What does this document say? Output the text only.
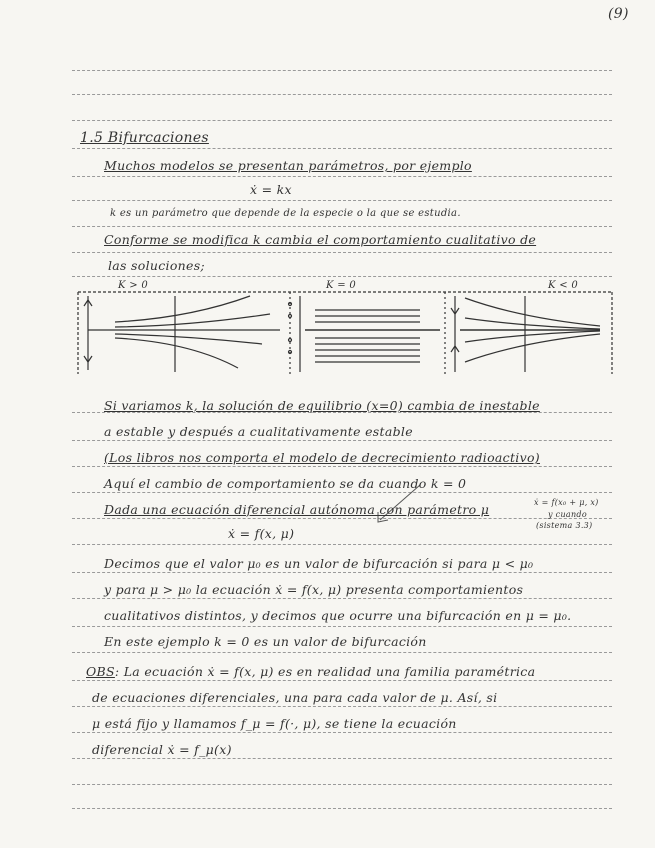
(9)
1.5 Bifurcaciones
Muchos modelos se presentan parámetros, por ejemplo
ẋ = kx
k es un parámetro que depende de la especie o la que se estudia.
Conforme se modifica k cambia el comportamiento cualitativo de
las soluciones;
K > 0	K = 0	K < 0
Si variamos k, la solución de equilibrio (x=0) cambia de inestable
a estable y después a cualitativamente estable
(Los libros nos comporta el modelo de decrecimiento radioactivo)
Aquí el cambio de comportamiento se da cuando k = 0
Dada una ecuación diferencial autónoma con parámetro μ
ẋ = f(x, μ)
ẋ = f(x₀ + μ, x)
y cuando
(sistema 3.3)
Decimos que el valor μ₀ es un valor de bifurcación si para μ < μ₀
y para μ > μ₀ la ecuación ẋ = f(x, μ) presenta comportamientos
cualitativos distintos, y decimos que ocurre una bifurcación en μ = μ₀.
En este ejemplo k = 0 es un valor de bifurcación
OBS: La ecuación ẋ = f(x, μ) es en realidad una familia paramétrica
de ecuaciones diferenciales, una para cada valor de μ. Así, si
μ está fijo y llamamos f_μ = f(·, μ), se tiene la ecuación
diferencial ẋ = f_μ(x)
